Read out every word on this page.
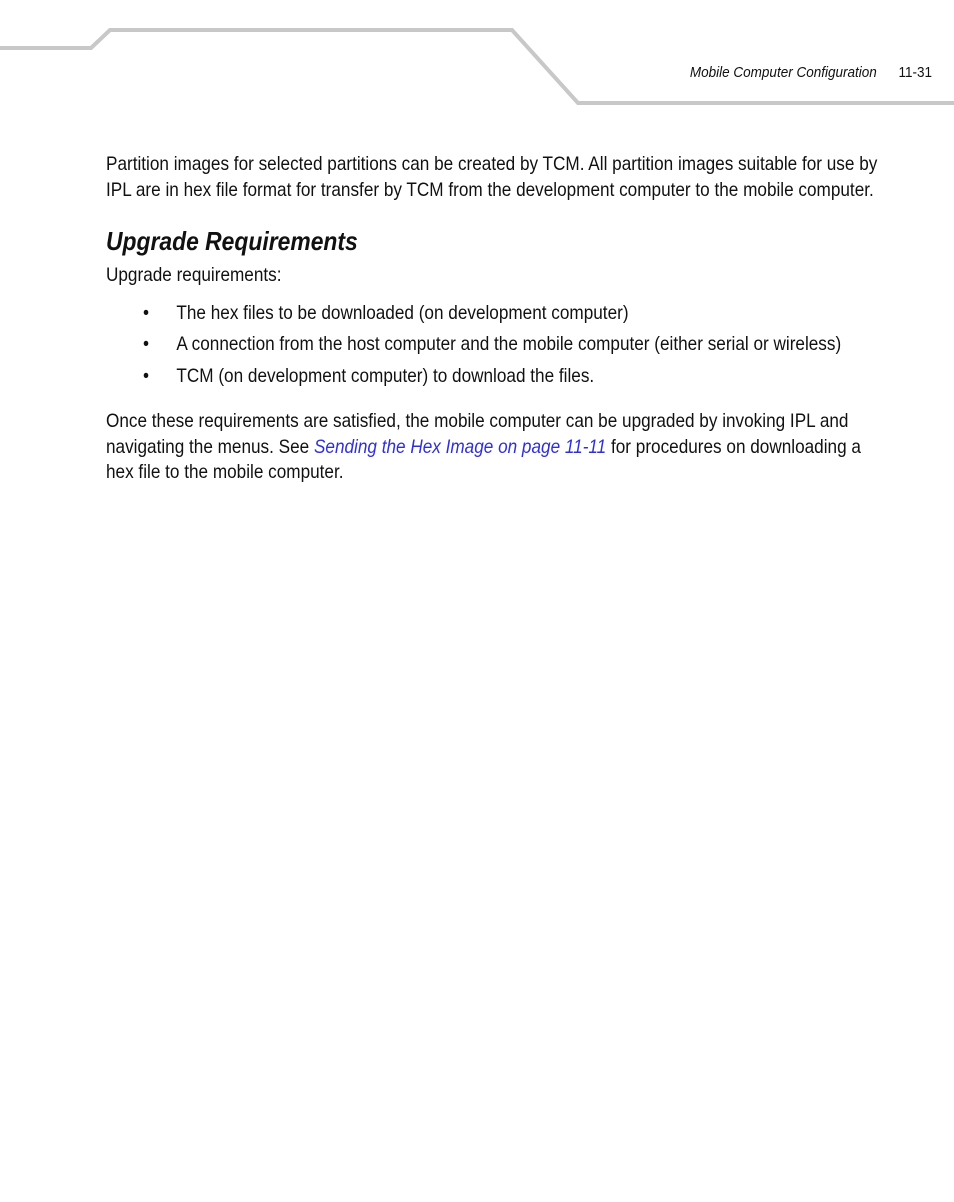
Mobile Computer Configuration 11-31

Partition images for selected partitions can be created by TCM. All partition images suitable for use by IPL are in hex file format for transfer by TCM from the development computer to the mobile computer.

Upgrade Requirements

Upgrade requirements:

• The hex files to be downloaded (on development computer)
• A connection from the host computer and the mobile computer (either serial or wireless)
• TCM (on development computer) to download the files.

Once these requirements are satisfied, the mobile computer can be upgraded by invoking IPL and navigating the menus. See Sending the Hex Image on page 11-11 for procedures on downloading a hex file to the mobile computer.
